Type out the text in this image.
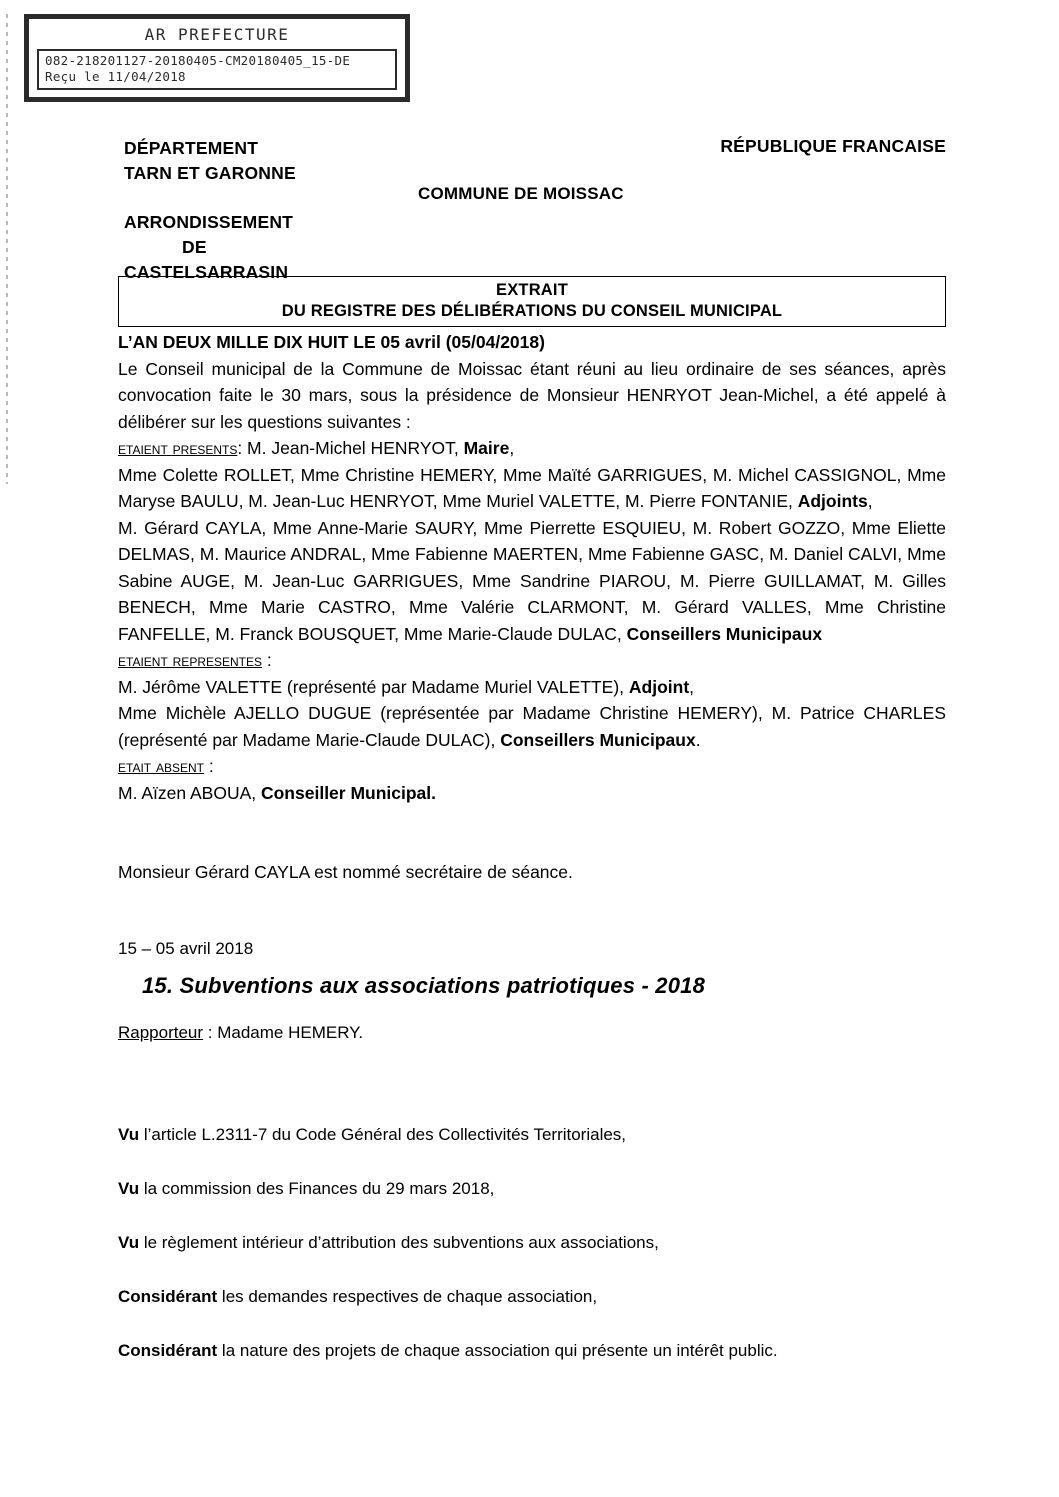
AR PREFECTURE
082-218201127-20180405-CM20180405_15-DE
Reçu le 11/04/2018
DÉPARTEMENT
TARN ET GARONNE
RÉPUBLIQUE FRANCAISE
COMMUNE DE MOISSAC
ARRONDISSEMENT
DE
CASTELSARRASIN
EXTRAIT
DU REGISTRE DES DÉLIBÉRATIONS DU CONSEIL MUNICIPAL

L’AN DEUX MILLE DIX HUIT LE 05 avril (05/04/2018)

Le Conseil municipal de la Commune de Moissac étant réuni au lieu ordinaire de ses séances, après convocation faite le 30 mars, sous la présidence de Monsieur HENRYOT Jean-Michel, a été appelé à délibérer sur les questions suivantes :

etaient presents: M. Jean-Michel HENRYOT, Maire,

Mme Colette ROLLET, Mme Christine HEMERY, Mme Maïté GARRIGUES, M. Michel CASSIGNOL, Mme Maryse BAULU, M. Jean-Luc HENRYOT, Mme Muriel VALETTE, M. Pierre FONTANIE, Adjoints,

M. Gérard CAYLA, Mme Anne-Marie SAURY, Mme Pierrette ESQUIEU, M. Robert GOZZO, Mme Eliette DELMAS, M. Maurice ANDRAL, Mme Fabienne MAERTEN, Mme Fabienne GASC, M. Daniel CALVI, Mme Sabine AUGE, M. Jean-Luc GARRIGUES, Mme Sandrine PIAROU, M. Pierre GUILLAMAT, M. Gilles BENECH, Mme Marie CASTRO, Mme Valérie CLARMONT, M. Gérard VALLES, Mme Christine FANFELLE, M. Franck BOUSQUET, Mme Marie-Claude DULAC, Conseillers Municipaux

etaient representes :

M. Jérôme VALETTE (représenté par Madame Muriel VALETTE), Adjoint,

Mme Michèle AJELLO DUGUE (représentée par Madame Christine HEMERY), M. Patrice CHARLES (représenté par Madame Marie-Claude DULAC), Conseillers Municipaux.

etait absent :

M. Aïzen ABOUA, Conseiller Municipal.

Monsieur Gérard CAYLA est nommé secrétaire de séance.
15 – 05 avril 2018
15. Subventions aux associations patriotiques - 2018
Rapporteur : Madame HEMERY.

Vu l’article L.2311-7 du Code Général des Collectivités Territoriales,

Vu la commission des Finances du 29 mars 2018,

Vu le règlement intérieur d’attribution des subventions aux associations,

Considérant les demandes respectives de chaque association,

Considérant la nature des projets de chaque association qui présente un intérêt public.
